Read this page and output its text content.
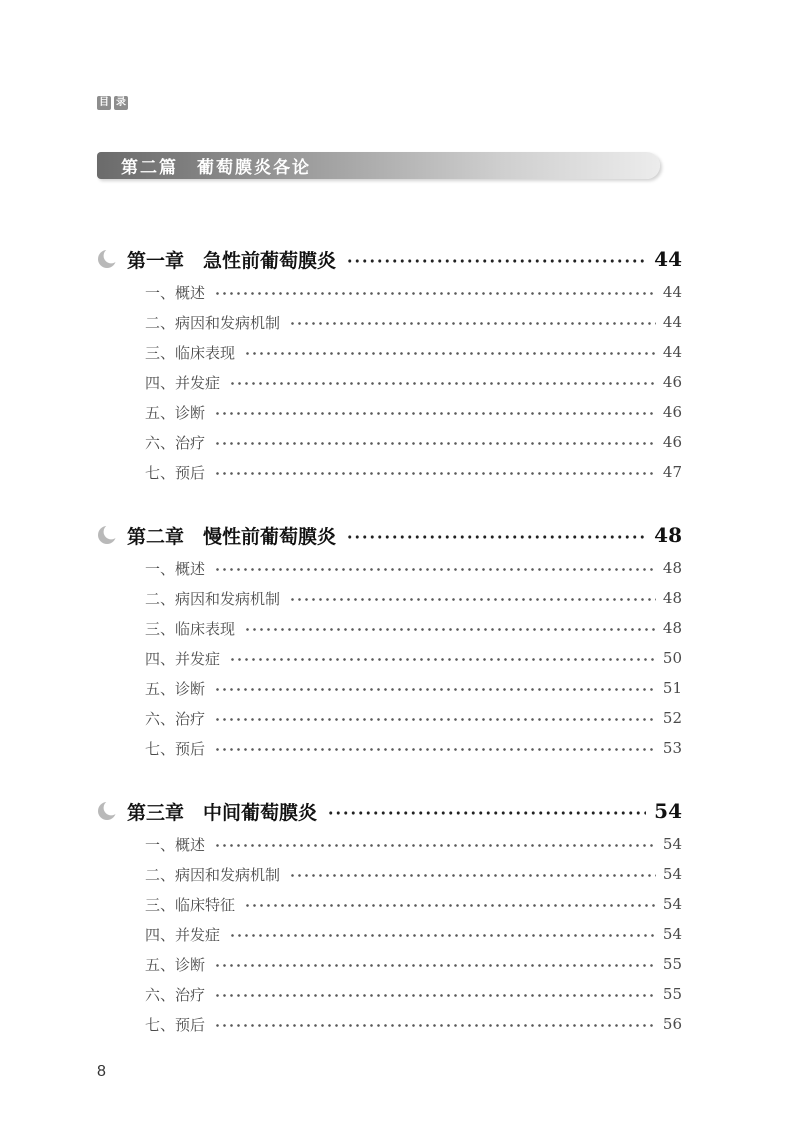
目 录
第二篇　葡萄膜炎各论
第一章　急性前葡萄膜炎	44
一、概述	44
二、病因和发病机制	44
三、临床表现	44
四、并发症	46
五、诊断	46
六、治疗	46
七、预后	47
第二章　慢性前葡萄膜炎	48
一、概述	48
二、病因和发病机制	48
三、临床表现	48
四、并发症	50
五、诊断	51
六、治疗	52
七、预后	53
第三章　中间葡萄膜炎	54
一、概述	54
二、病因和发病机制	54
三、临床特征	54
四、并发症	54
五、诊断	55
六、治疗	55
七、预后	56
8
